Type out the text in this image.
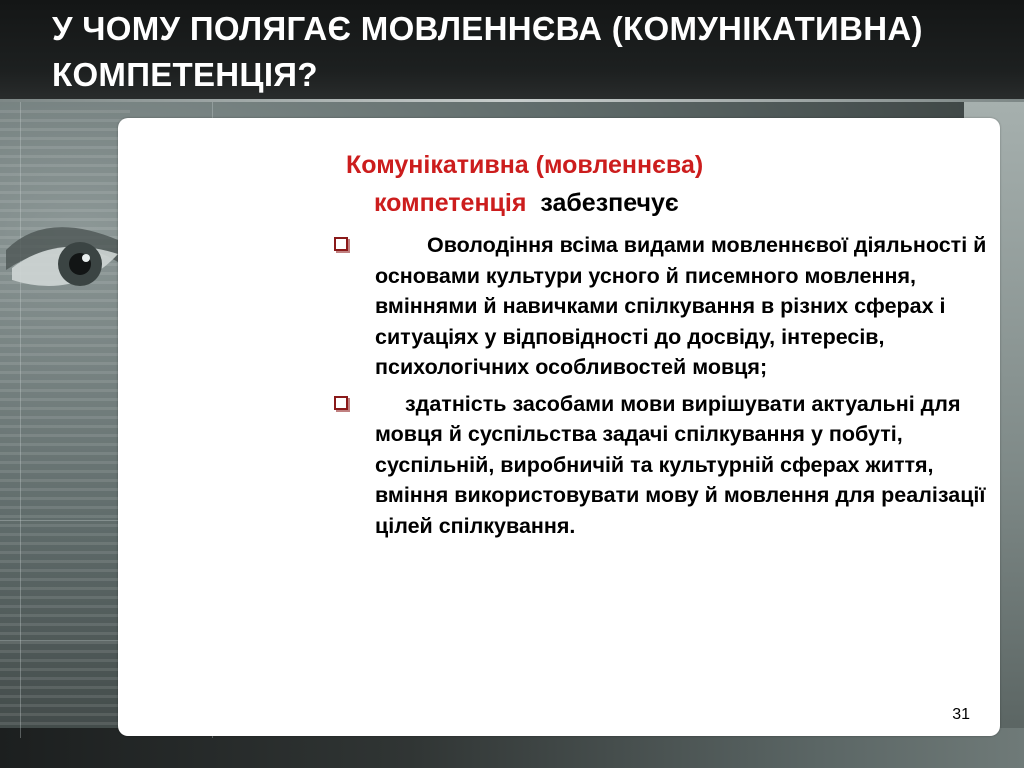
У ЧОМУ ПОЛЯГАЄ МОВЛЕННЄВА (КОМУНІКАТИВНА) КОМПЕТЕНЦІЯ?

Комунікативна (мовленнєва)
компетенція забезпечує

Оволодіння всіма видами мовленнєвої діяльності й основами культури усного й писемного мовлення, вміннями й навичками спілкування в різних сферах і ситуаціях у відповідності до досвіду, інтересів, психологічних особливостей мовця;
здатність засобами мови вирішувати актуальні для мовця й суспільства задачі спілкування у побуті, суспільній, виробничій та культурній сферах життя, вміння використовувати мову й мовлення для реалізації цілей спілкування.
31
